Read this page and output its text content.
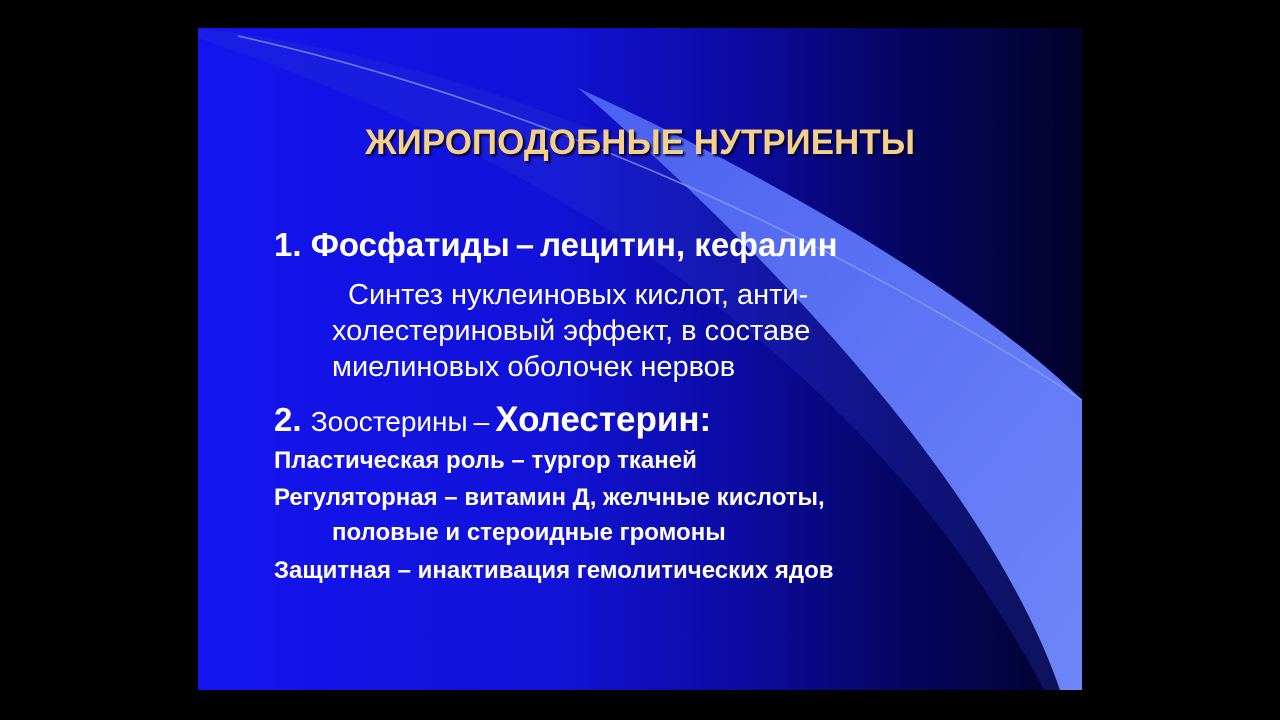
ЖИРОПОДОБНЫЕ НУТРИЕНТЫ
1. Фосфатиды – лецитин, кефалин
Синтез нуклеиновых кислот, анти-
холестериновый эффект, в составе
миелиновых оболочек нервов
2. Зоостерины – Холестерин:
Пластическая роль – тургор тканей
Регуляторная – витамин Д, желчные кислоты,
половые и стероидные громоны
Защитная – инактивация гемолитических ядов
